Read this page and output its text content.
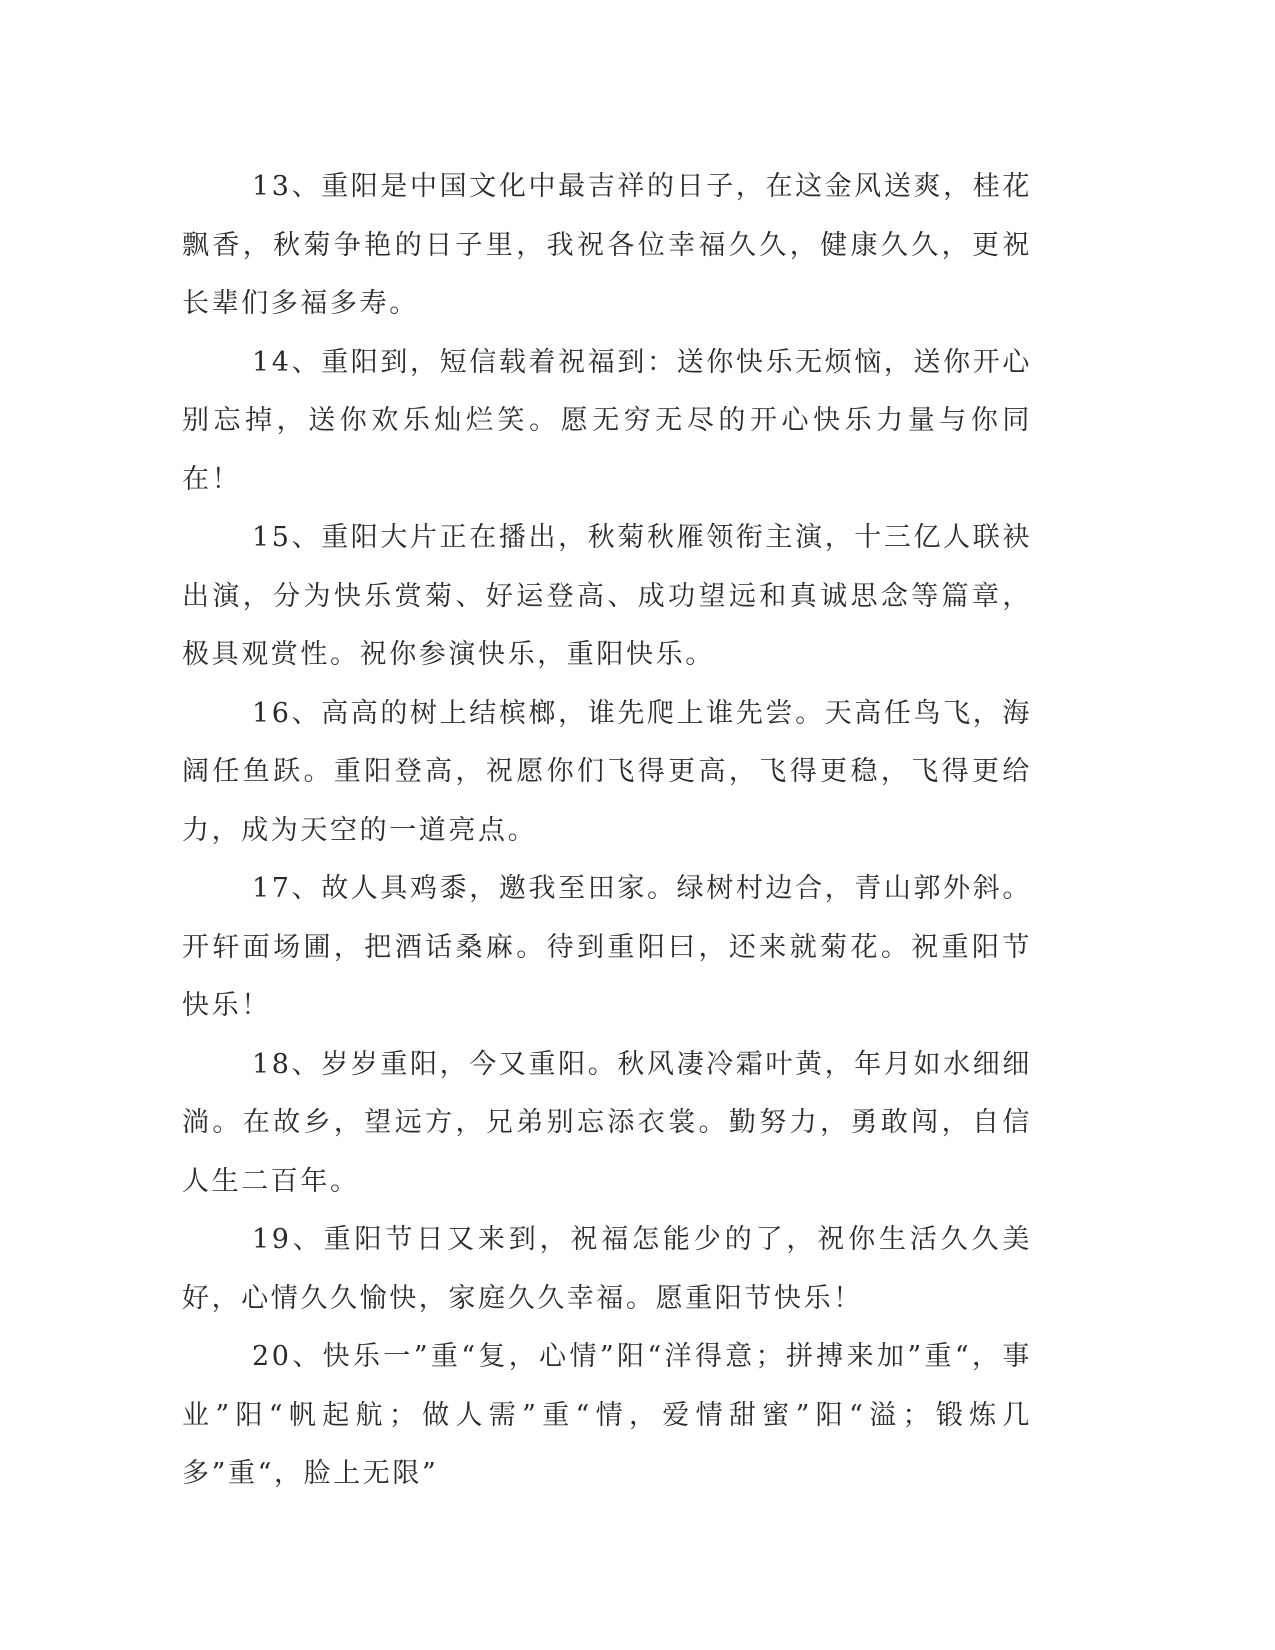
13、重阳是中国文化中最吉祥的日子，在这金风送爽，桂花飘香，秋菊争艳的日子里，我祝各位幸福久久，健康久久，更祝长辈们多福多寿。

14、重阳到，短信载着祝福到：送你快乐无烦恼，送你开心别忘掉，送你欢乐灿烂笑。愿无穷无尽的开心快乐力量与你同在！

15、重阳大片正在播出，秋菊秋雁领衔主演，十三亿人联袂出演，分为快乐赏菊、好运登高、成功望远和真诚思念等篇章，极具观赏性。祝你参演快乐，重阳快乐。

16、高高的树上结槟榔，谁先爬上谁先尝。天高任鸟飞，海阔任鱼跃。重阳登高，祝愿你们飞得更高，飞得更稳，飞得更给力，成为天空的一道亮点。

17、故人具鸡黍，邀我至田家。绿树村边合，青山郭外斜。开轩面场圃，把酒话桑麻。待到重阳曰，还来就菊花。祝重阳节快乐！

18、岁岁重阳，今又重阳。秋风凄冷霜叶黄，年月如水细细淌。在故乡，望远方，兄弟别忘添衣裳。勤努力，勇敢闯，自信人生二百年。

19、重阳节日又来到，祝福怎能少的了，祝你生活久久美好，心情久久愉快，家庭久久幸福。愿重阳节快乐！

20、快乐一”重“复，心情”阳“洋得意；拼搏来加”重“，事业”阳“帆起航；做人需”重“情，爱情甜蜜”阳“溢；锻炼几多”重“，脸上无限”
